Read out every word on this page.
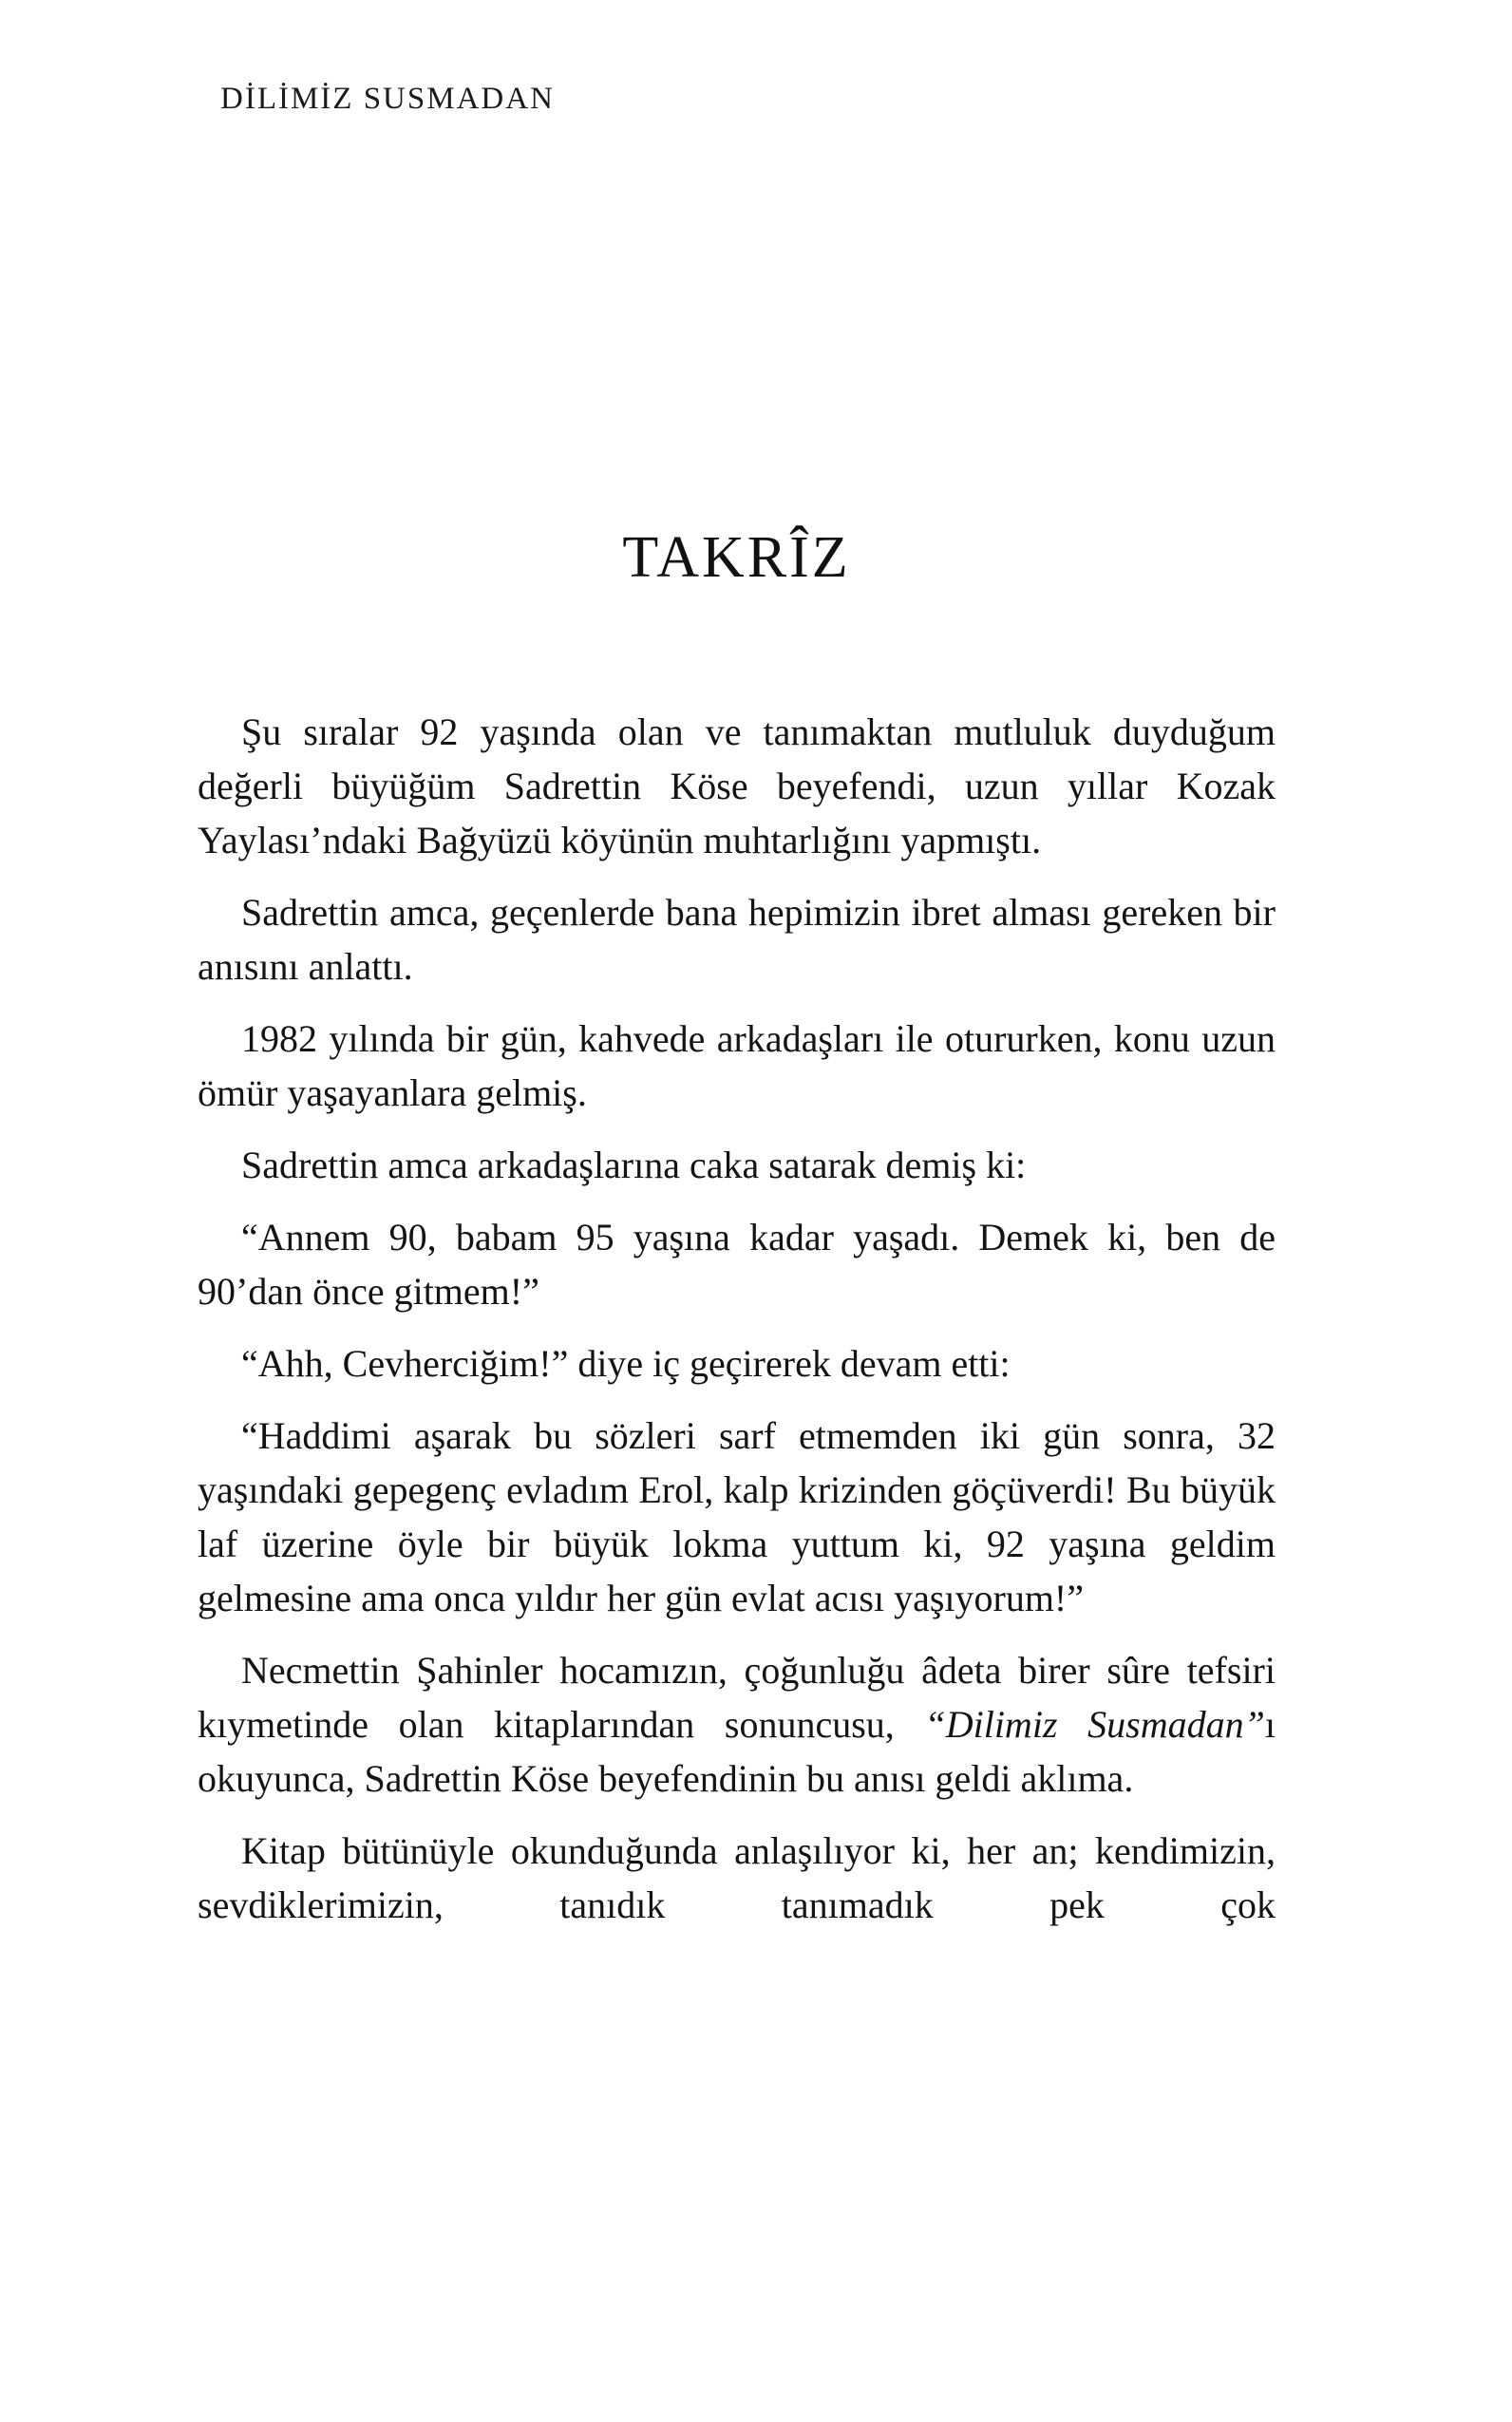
DİLİMİZ SUSMADAN
TAKRÎZ

Şu sıralar 92 yaşında olan ve tanımaktan mutluluk duyduğum değerli büyüğüm Sadrettin Köse beyefendi, uzun yıllar Kozak Yaylası’ndaki Bağyüzü köyünün muhtarlığını yapmıştı.

Sadrettin amca, geçenlerde bana hepimizin ibret alması gereken bir anısını anlattı.

1982 yılında bir gün, kahvede arkadaşları ile otururken, konu uzun ömür yaşayanlara gelmiş.

Sadrettin amca arkadaşlarına caka satarak demiş ki:

“Annem 90, babam 95 yaşına kadar yaşadı. Demek ki, ben de 90’dan önce gitmem!”

“Ahh, Cevherciğim!” diye iç geçirerek devam etti:

“Haddimi aşarak bu sözleri sarf etmemden iki gün sonra, 32 yaşındaki gepegenç evladım Erol, kalp krizinden göçüverdi! Bu büyük laf üzerine öyle bir büyük lokma yuttum ki, 92 yaşına geldim gelmesine ama onca yıldır her gün evlat acısı yaşıyorum!”

Necmettin Şahinler hocamızın, çoğunluğu âdeta birer sûre tefsiri kıymetinde olan kitaplarından sonuncusu, “Dilimiz Susmadan”ı okuyunca, Sadrettin Köse beyefendinin bu anısı geldi aklıma.

Kitap bütünüyle okunduğunda anlaşılıyor ki, her an; kendimizin, sevdiklerimizin, tanıdık tanımadık pek çok
